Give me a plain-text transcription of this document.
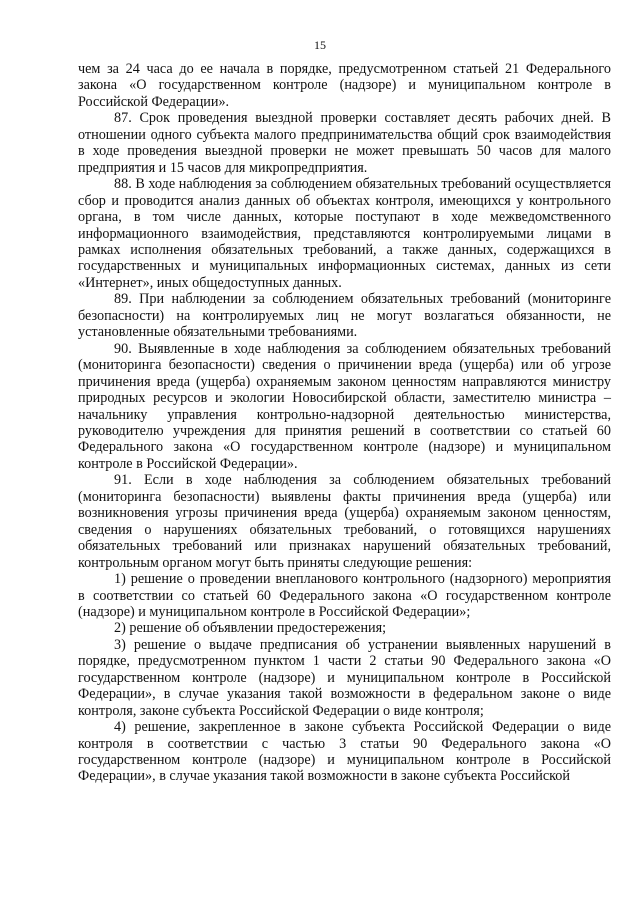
15

чем за 24 часа до ее начала в порядке, предусмотренном статьей 21 Федерального закона «О государственном контроле (надзоре) и муниципальном контроле в Российской Федерации».

87. Срок проведения выездной проверки составляет десять рабочих дней. В отношении одного субъекта малого предпринимательства общий срок взаимодействия в ходе проведения выездной проверки не может превышать 50 часов для малого предприятия и 15 часов для микропредприятия.

88. В ходе наблюдения за соблюдением обязательных требований осуществляется сбор и проводится анализ данных об объектах контроля, имеющихся у контрольного органа, в том числе данных, которые поступают в ходе межведомственного информационного взаимодействия, представляются контролируемыми лицами в рамках исполнения обязательных требований, а также данных, содержащихся в государственных и муниципальных информационных системах, данных из сети «Интернет», иных общедоступных данных.

89. При наблюдении за соблюдением обязательных требований (мониторинге безопасности) на контролируемых лиц не могут возлагаться обязанности, не установленные обязательными требованиями.

90. Выявленные в ходе наблюдения за соблюдением обязательных требований (мониторинга безопасности) сведения о причинении вреда (ущерба) или об угрозе причинения вреда (ущерба) охраняемым законом ценностям направляются министру природных ресурсов и экологии Новосибирской области, заместителю министра – начальнику управления контрольно-надзорной деятельностью министерства, руководителю учреждения для принятия решений в соответствии со статьей 60 Федерального закона «О государственном контроле (надзоре) и муниципальном контроле в Российской Федерации».

91. Если в ходе наблюдения за соблюдением обязательных требований (мониторинга безопасности) выявлены факты причинения вреда (ущерба) или возникновения угрозы причинения вреда (ущерба) охраняемым законом ценностям, сведения о нарушениях обязательных требований, о готовящихся нарушениях обязательных требований или признаках нарушений обязательных требований, контрольным органом могут быть приняты следующие решения:

1) решение о проведении внепланового контрольного (надзорного) мероприятия в соответствии со статьей 60 Федерального закона «О государственном контроле (надзоре) и муниципальном контроле в Российской Федерации»;

2) решение об объявлении предостережения;

3) решение о выдаче предписания об устранении выявленных нарушений в порядке, предусмотренном пунктом 1 части 2 статьи 90 Федерального закона «О государственном контроле (надзоре) и муниципальном контроле в Российской Федерации», в случае указания такой возможности в федеральном законе о виде контроля, законе субъекта Российской Федерации о виде контроля;

4) решение, закрепленное в законе субъекта Российской Федерации о виде контроля в соответствии с частью 3 статьи 90 Федерального закона «О государственном контроле (надзоре) и муниципальном контроле в Российской Федерации», в случае указания такой возможности в законе субъекта Российской
